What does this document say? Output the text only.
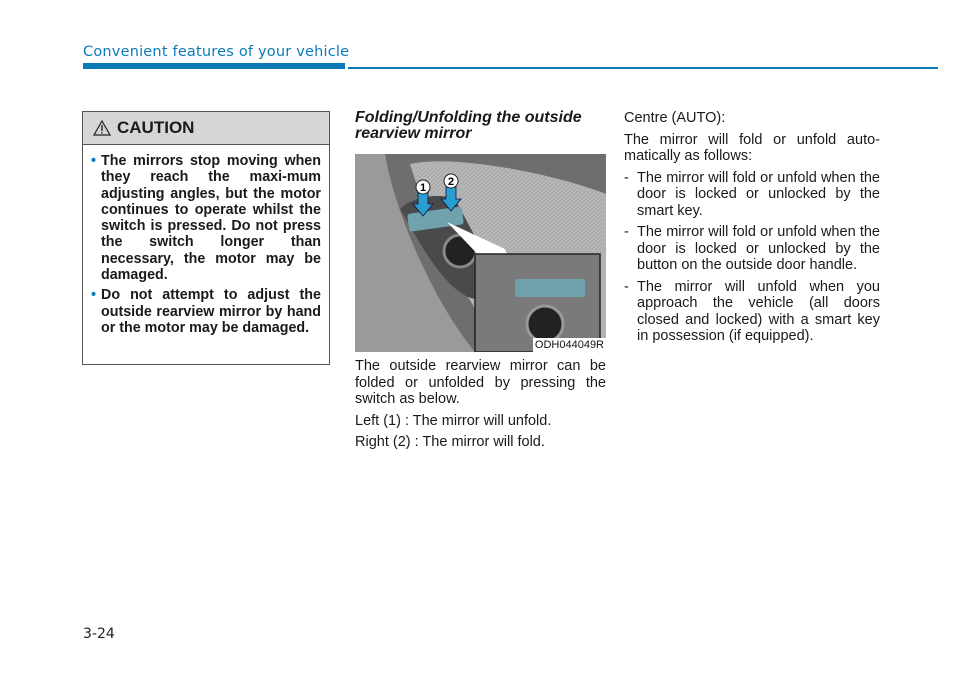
Convenient features of your vehicle
CAUTION
• The mirrors stop moving when they reach the maxi-mum adjusting angles, but the motor continues to operate whilst the switch is pressed. Do not press the switch longer than necessary, the motor may be damaged.
• Do not attempt to adjust the outside rearview mirror by hand or the motor may be damaged.
Folding/Unfolding the outside rearview mirror
1 2
ODH044049R

The outside rearview mirror can be folded or unfolded by pressing the switch as below.

Left (1) : The mirror will unfold.

Right (2) : The mirror will fold.

Centre (AUTO):

The mirror will fold or unfold auto-matically as follows:

- The mirror will fold or unfold when the door is locked or unlocked by the smart key.
- The mirror will fold or unfold when the door is locked or unlocked by the button on the outside door handle.
- The mirror will unfold when you approach the vehicle (all doors closed and locked) with a smart key in possession (if equipped).
3-24
